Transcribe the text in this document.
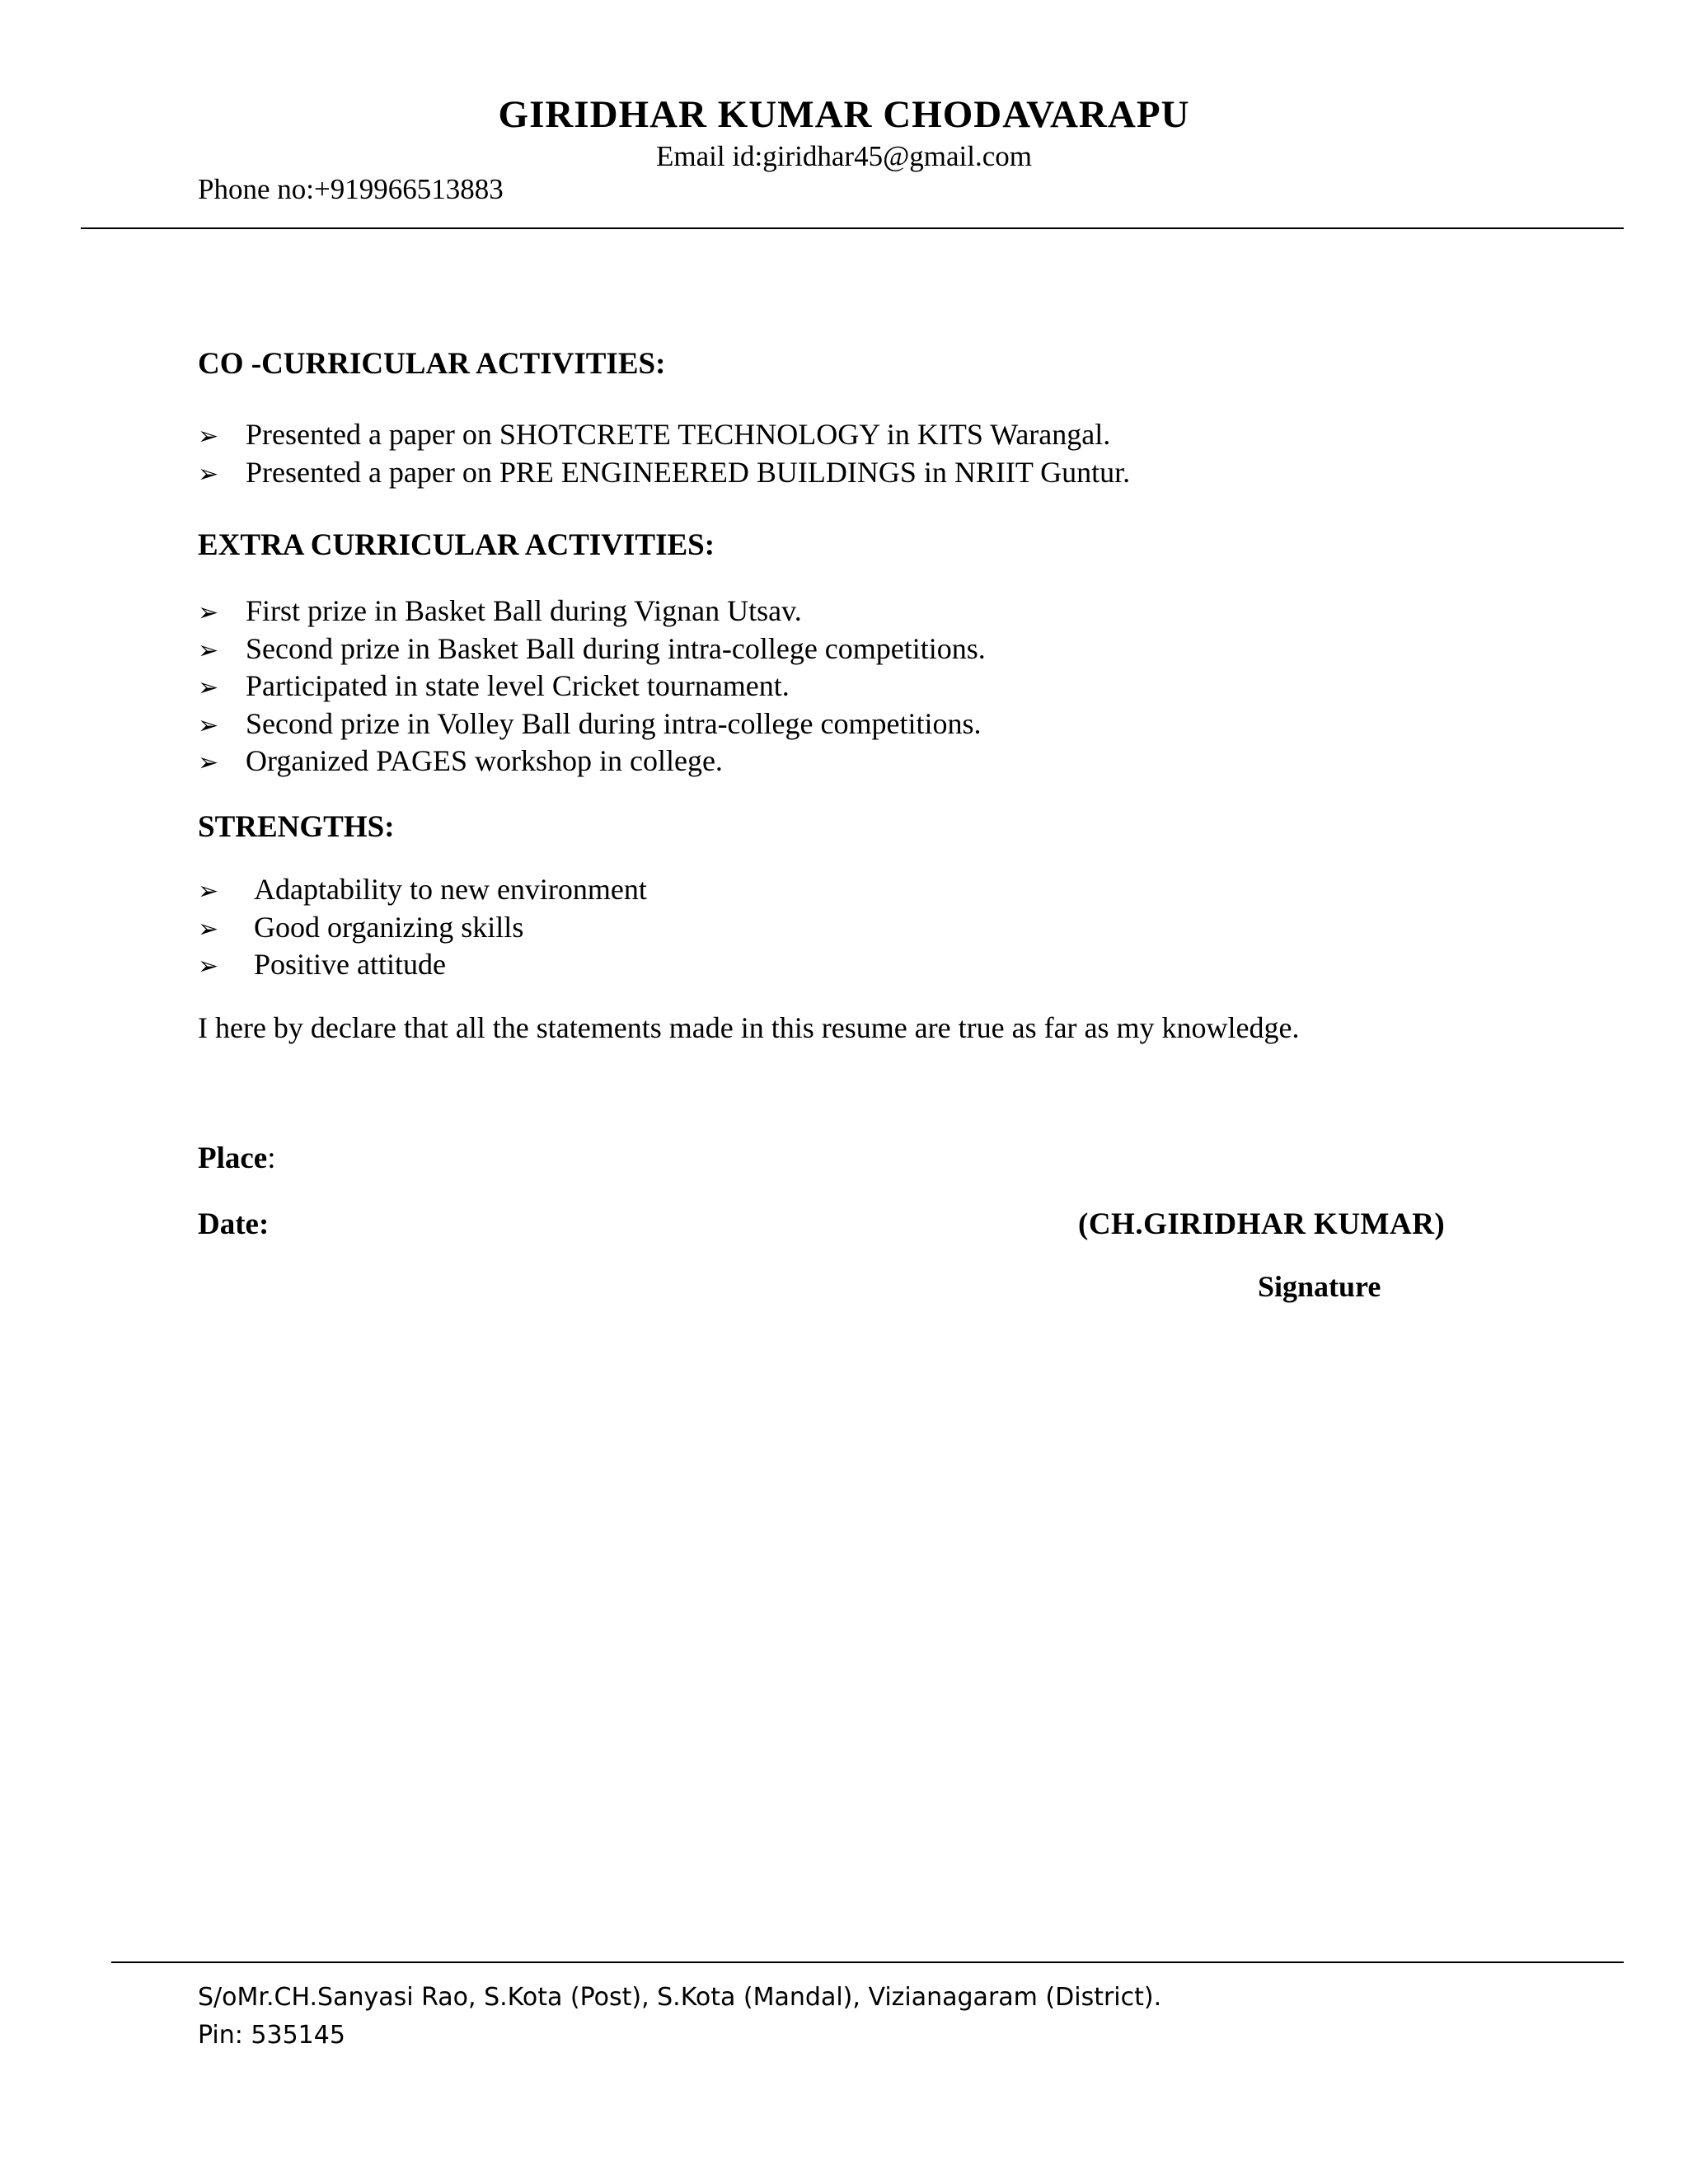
GIRIDHAR KUMAR CHODAVARAPU
Email id:giridhar45@gmail.com
Phone no:+919966513883
CO -CURRICULAR ACTIVITIES:
➢ Presented a paper on SHOTCRETE TECHNOLOGY in KITS Warangal.
➢ Presented a paper on PRE ENGINEERED BUILDINGS in NRIIT Guntur.
EXTRA CURRICULAR ACTIVITIES:
➢ First prize in Basket Ball during Vignan Utsav.
➢ Second prize in Basket Ball during intra-college competitions.
➢ Participated in state level Cricket tournament.
➢ Second prize in Volley Ball during intra-college competitions.
➢ Organized PAGES workshop in college.
STRENGTHS:
➢	Adaptability to new environment
➢	Good organizing skills
➢	Positive attitude
I here by declare that all the statements made in this resume are true as far as my knowledge.
Place:
Date:	(CH.GIRIDHAR KUMAR)
Signature
S/oMr.CH.Sanyasi Rao, S.Kota (Post), S.Kota (Mandal), Vizianagaram (District).
Pin: 535145
